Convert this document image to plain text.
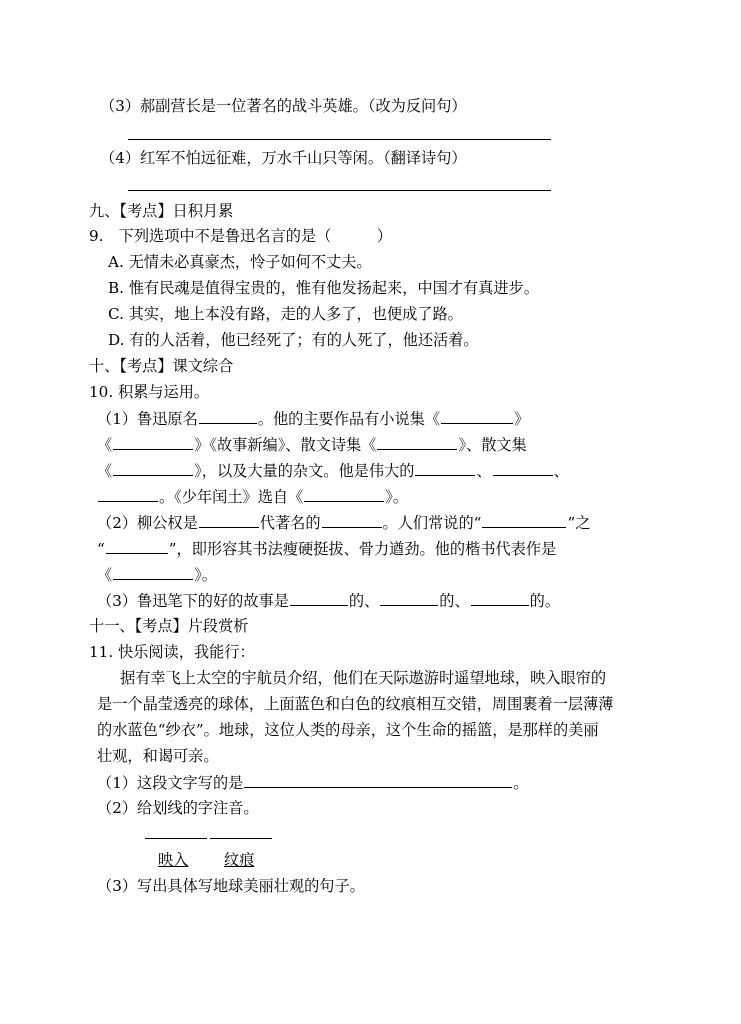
（3）郝副营长是一位著名的战斗英雄。（改为反问句）
（4）红军不怕远征难，万水千山只等闲。（翻译诗句）
九、【考点】日积月累
9.　下列选项中不是鲁迅名言的是（　　　）
A. 无情未必真豪杰，怜子如何不丈夫。
B. 惟有民魂是值得宝贵的，惟有他发扬起来，中国才有真进步。
C. 其实，地上本没有路，走的人多了，也便成了路。
D. 有的人活着，他已经死了；有的人死了，他还活着。
十、【考点】课文综合
10. 积累与运用。
（1）鲁迅原名	。他的主要作品有小说集《	》
《	》《故事新编》、散文诗集《	》、散文集
《	》，以及大量的杂文。他是伟大的	、	、
。《少年闰土》选自《	》。
（2）柳公权是	代著名的	。人们常说的“	”之
“	”，即形容其书法瘦硬挺拔、骨力遒劲。他的楷书代表作是
《	》。
（3）鲁迅笔下的好的故事是	的、	的、	的。
十一、【考点】片段赏析
11. 快乐阅读，我能行：
据有幸飞上太空的宇航员介绍，他们在天际遨游时遥望地球，映入眼帘的
是一个晶莹透亮的球体，上面蓝色和白色的纹痕相互交错，周围裹着一层薄薄
的水蓝色“纱衣”。地球，这位人类的母亲，这个生命的摇篮，是那样的美丽
壮观，和谒可亲。
（1）这段文字写的是	。
（2）给划线的字注音。
映入 纹痕
（3）写出具体写地球美丽壮观的句子。
